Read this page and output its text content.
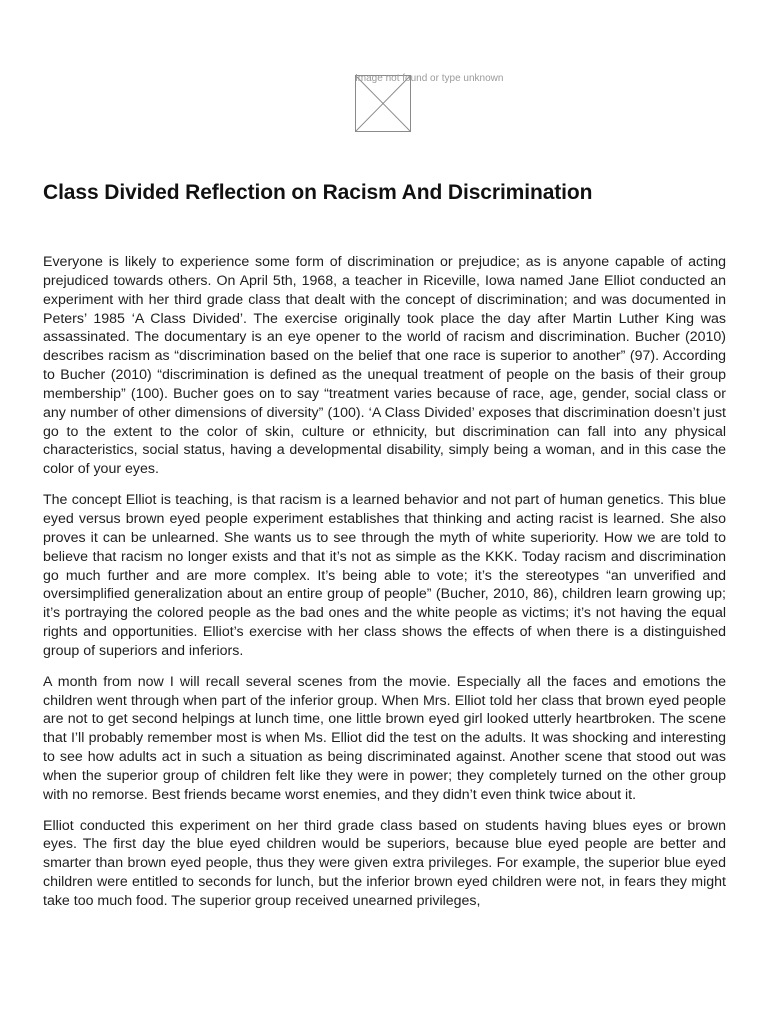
Image not found or type unknown
Class Divided Reflection on Racism And Discrimination

Everyone is likely to experience some form of discrimination or prejudice; as is anyone capable of acting prejudiced towards others. On April 5th, 1968, a teacher in Riceville, Iowa named Jane Elliot conducted an experiment with her third grade class that dealt with the concept of discrimination; and was documented in Peters’ 1985 ‘A Class Divided’. The exercise originally took place the day after Martin Luther King was assassinated. The documentary is an eye opener to the world of racism and discrimination. Bucher (2010) describes racism as “discrimination based on the belief that one race is superior to another” (97). According to Bucher (2010) “discrimination is defined as the unequal treatment of people on the basis of their group membership” (100). Bucher goes on to say “treatment varies because of race, age, gender, social class or any number of other dimensions of diversity” (100). ‘A Class Divided’ exposes that discrimination doesn’t just go to the extent to the color of skin, culture or ethnicity, but discrimination can fall into any physical characteristics, social status, having a developmental disability, simply being a woman, and in this case the color of your eyes.

The concept Elliot is teaching, is that racism is a learned behavior and not part of human genetics. This blue eyed versus brown eyed people experiment establishes that thinking and acting racist is learned. She also proves it can be unlearned. She wants us to see through the myth of white superiority. How we are told to believe that racism no longer exists and that it’s not as simple as the KKK. Today racism and discrimination go much further and are more complex. It’s being able to vote; it’s the stereotypes “an unverified and oversimplified generalization about an entire group of people” (Bucher, 2010, 86), children learn growing up; it’s portraying the colored people as the bad ones and the white people as victims; it’s not having the equal rights and opportunities. Elliot’s exercise with her class shows the effects of when there is a distinguished group of superiors and inferiors.

A month from now I will recall several scenes from the movie. Especially all the faces and emotions the children went through when part of the inferior group. When Mrs. Elliot told her class that brown eyed people are not to get second helpings at lunch time, one little brown eyed girl looked utterly heartbroken. The scene that I’ll probably remember most is when Ms. Elliot did the test on the adults. It was shocking and interesting to see how adults act in such a situation as being discriminated against. Another scene that stood out was when the superior group of children felt like they were in power; they completely turned on the other group with no remorse. Best friends became worst enemies, and they didn’t even think twice about it.

Elliot conducted this experiment on her third grade class based on students having blues eyes or brown eyes. The first day the blue eyed children would be superiors, because blue eyed people are better and smarter than brown eyed people, thus they were given extra privileges. For example, the superior blue eyed children were entitled to seconds for lunch, but the inferior brown eyed children were not, in fears they might take too much food. The superior group received unearned privileges,
